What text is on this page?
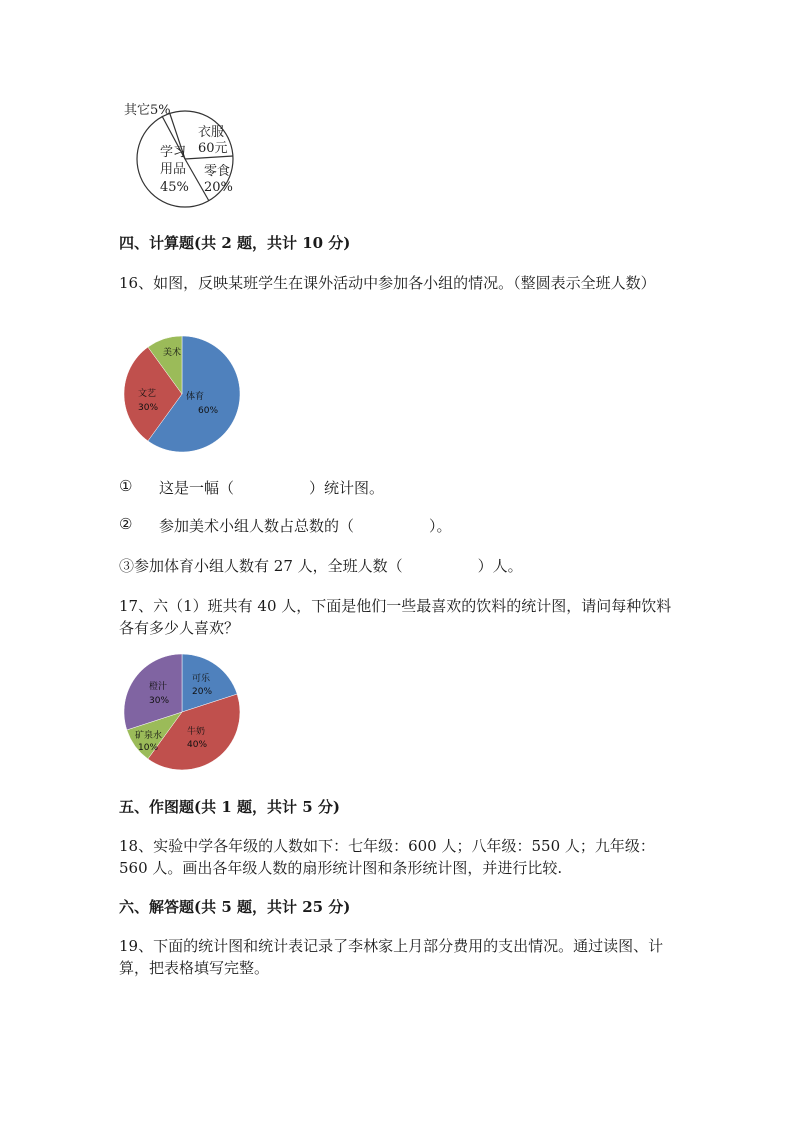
其它5%
衣服
60元
学习
用品
45%
零食
20%
四、计算题(共 2 题，共计 10 分)
16、如图，反映某班学生在课外活动中参加各小组的情况。（整圆表示全班人数）
体育
60%
文艺
30%
美术
① 这是一幅（　　　　　）统计图。
② 参加美术小组人数占总数的（　　　　　）。
③参加体育小组人数有 27 人，全班人数（　　　　　）人。
17、六（1）班共有 40 人，下面是他们一些最喜欢的饮料的统计图，请问每种饮料各有多少人喜欢？
可乐
20%
牛奶
40%
矿泉水
10%
橙汁
30%
五、作图题(共 1 题，共计 5 分)
18、实验中学各年级的人数如下：七年级：600 人；八年级：550 人；九年级：560 人。画出各年级人数的扇形统计图和条形统计图，并进行比较.
六、解答题(共 5 题，共计 25 分)
19、下面的统计图和统计表记录了李林家上月部分费用的支出情况。通过读图、计算，把表格填写完整。
